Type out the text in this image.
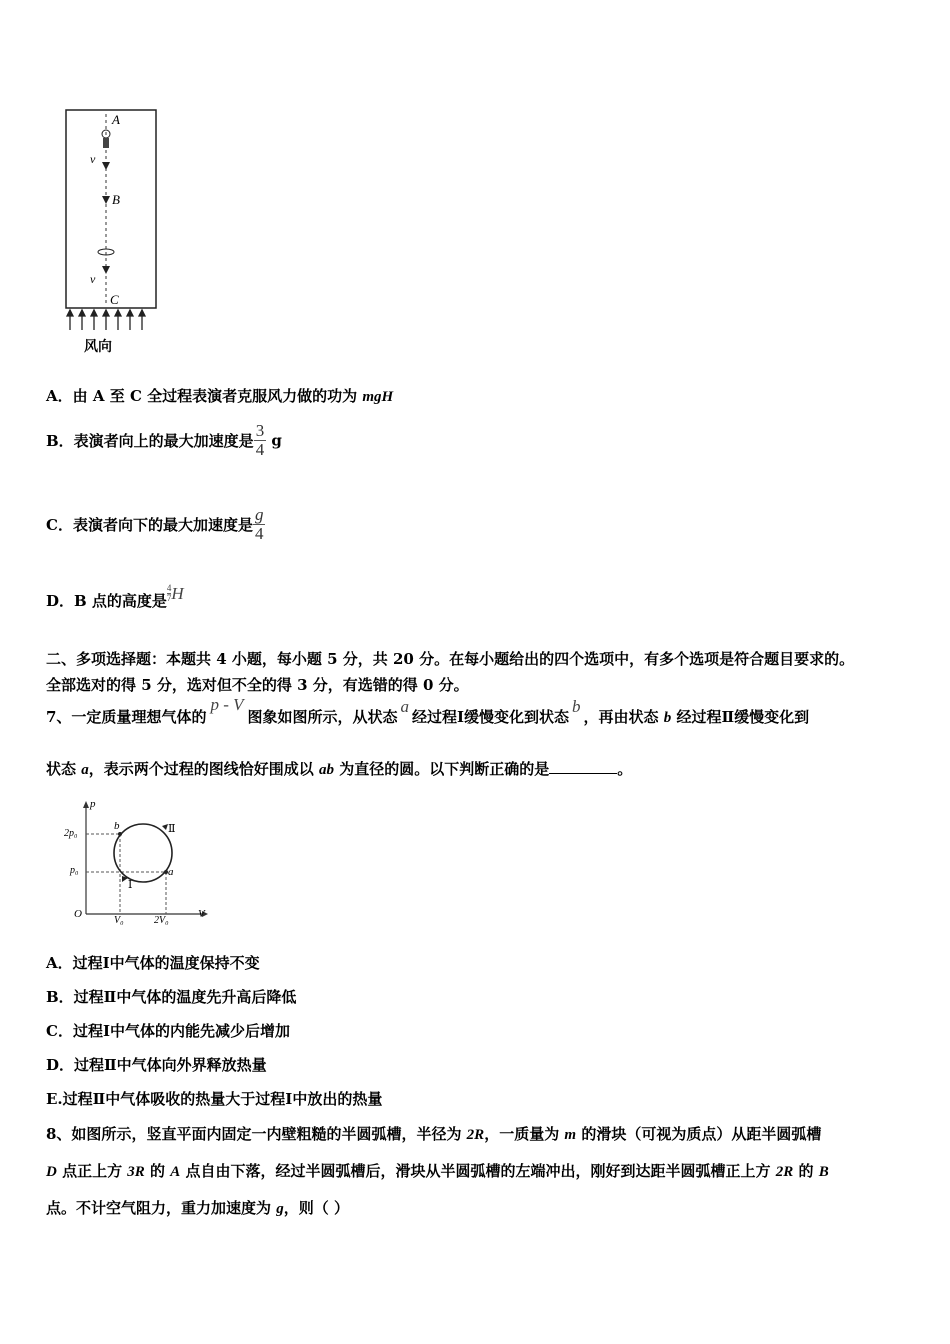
A
v
B
v
C
风向
A．由 A 至 C 全过程表演者克服风力做的功为 mgH
B．表演者向上的最大加速度是 $\frac{3}{4}$ g
C．表演者向下的最大加速度是 $\frac{g}{4}$
D．B 点的高度是 $\frac{4}{7}H$
二、多项选择题：本题共 4 小题，每小题 5 分，共 20 分。在每小题给出的四个选项中，有多个选项是符合题目要求的。
全部选对的得 5 分，选对但不全的得 3 分，有选错的得 0 分。
7、一定质量理想气体的p - V图象如图所示，从状态a经过程Ⅰ缓慢变化到状态b，再由状态 b 经过程Ⅱ缓慢变化到
状态 a，表示两个过程的图线恰好围成以 ab 为直径的圆。以下判断正确的是	。
p
V
O
2p₀
p₀
V₀	2V₀
b
a
Ⅰ
Ⅱ
A．过程Ⅰ中气体的温度保持不变
B．过程Ⅱ中气体的温度先升高后降低
C．过程Ⅰ中气体的内能先减少后增加
D．过程Ⅱ中气体向外界释放热量
E.过程Ⅱ中气体吸收的热量大于过程Ⅰ中放出的热量
8、如图所示，竖直平面内固定一内壁粗糙的半圆弧槽，半径为 2R，一质量为 m 的滑块（可视为质点）从距半圆弧槽
D 点正上方 3R 的 A 点自由下落，经过半圆弧槽后，滑块从半圆弧槽的左端冲出，刚好到达距半圆弧槽正上方 2R 的 B
点。不计空气阻力，重力加速度为 g，则（ ）
